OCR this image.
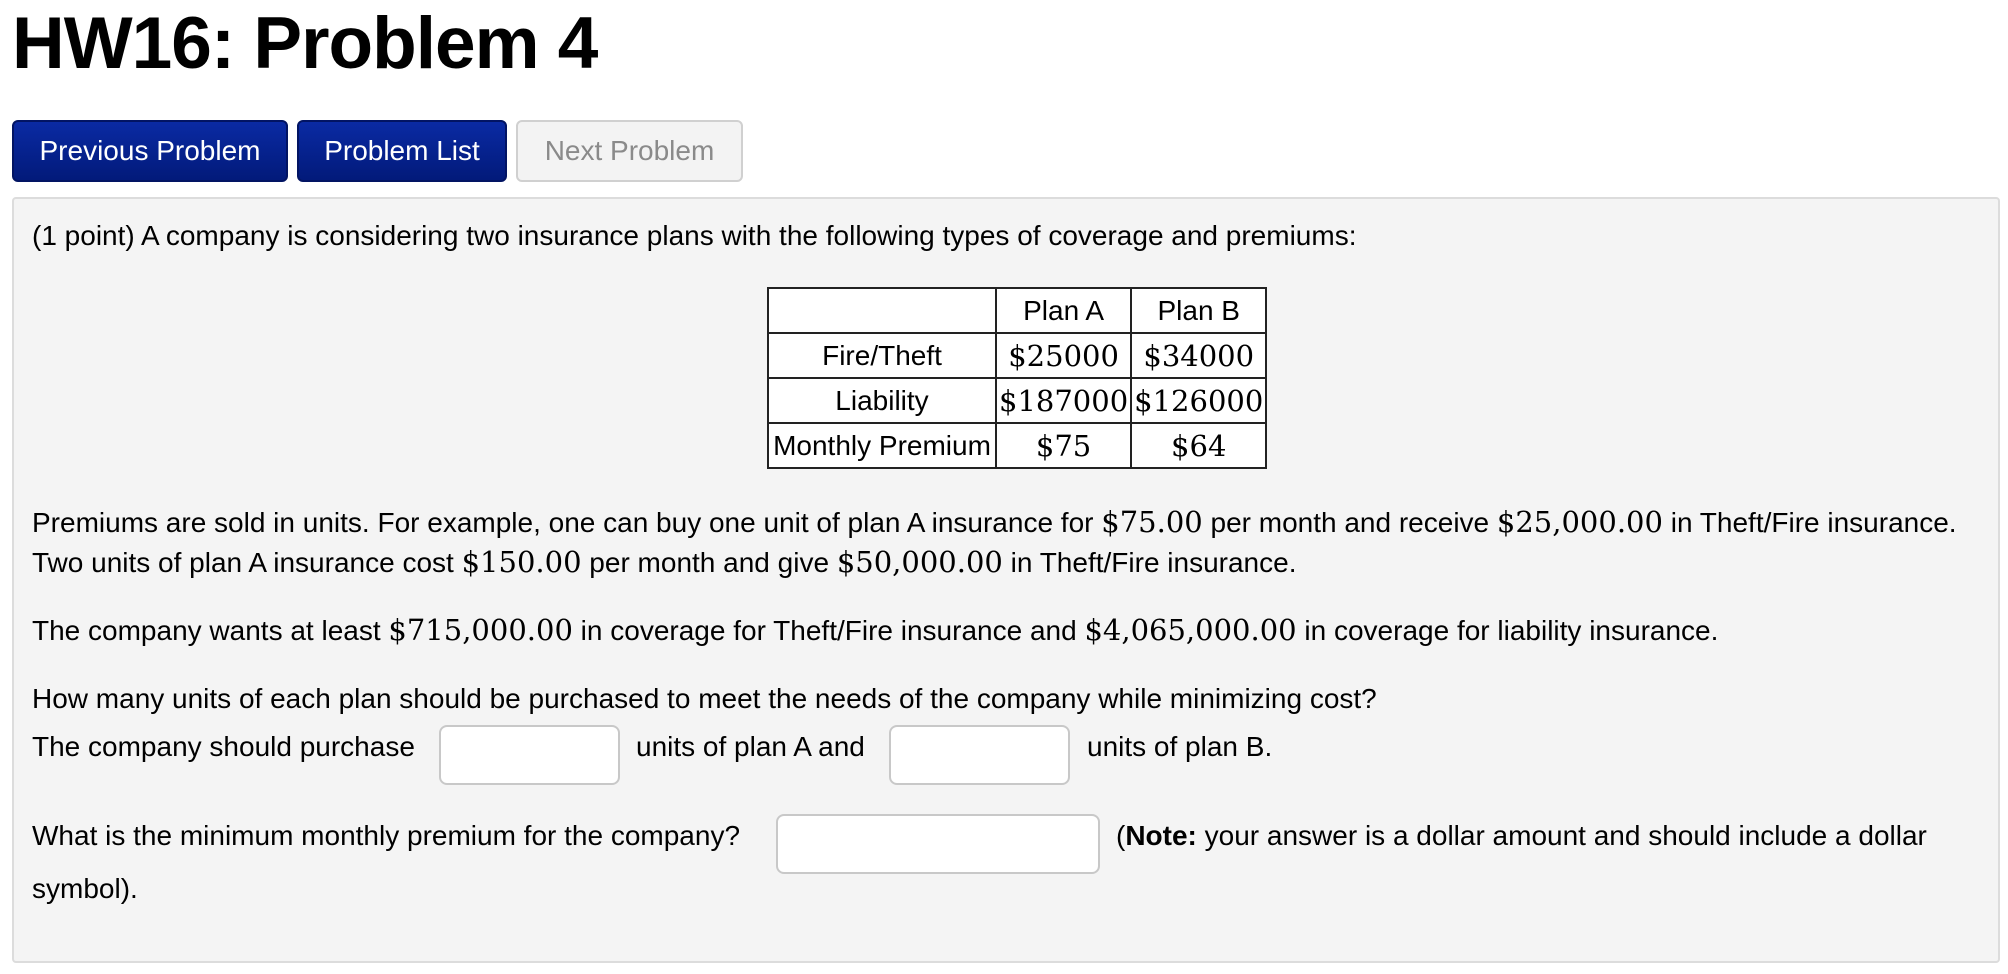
HW16: Problem 4
Previous Problem	Problem List	Next Problem
(1 point) A company is considering two insurance plans with the following types of coverage and premiums:
	Plan A	Plan B
Fire/Theft	$25000	$34000
Liability	$187000	$126000
Monthly Premium	$75	$64
Premiums are sold in units. For example, one can buy one unit of plan A insurance for $75.00 per month and receive $25,000.00 in Theft/Fire insurance.
Two units of plan A insurance cost $150.00 per month and give $50,000.00 in Theft/Fire insurance.
The company wants at least $715,000.00 in coverage for Theft/Fire insurance and $4,065,000.00 in coverage for liability insurance.
How many units of each plan should be purchased to meet the needs of the company while minimizing cost?
The company should purchase	units of plan A and	units of plan B.
What is the minimum monthly premium for the company?	(Note: your answer is a dollar amount and should include a dollar
symbol).
